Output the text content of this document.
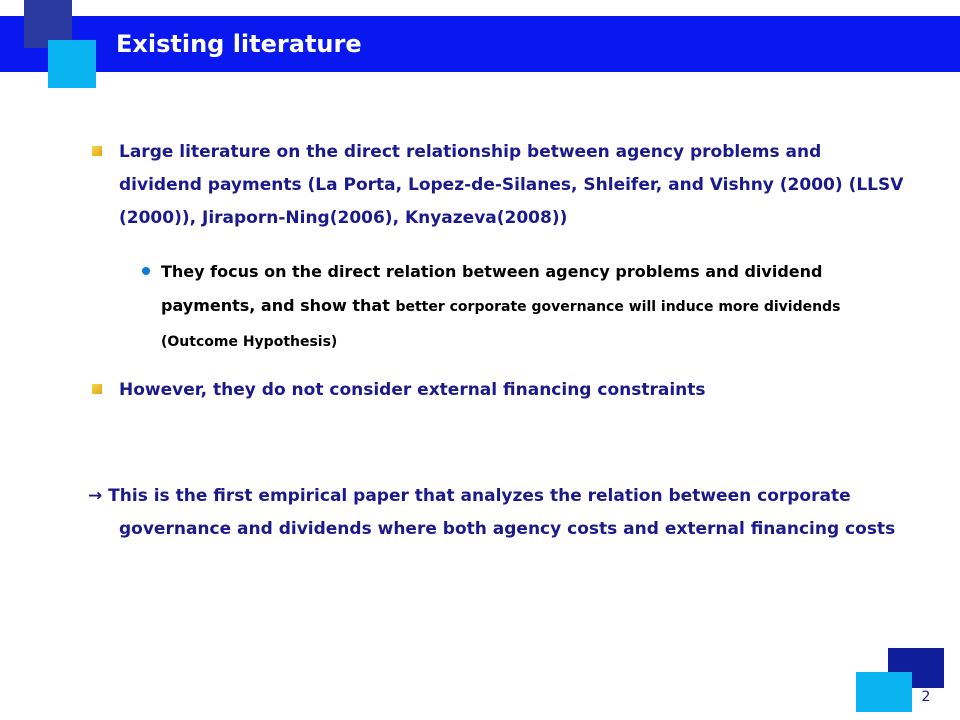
Existing literature

Large literature on the direct relationship between agency problems and dividend payments (La Porta, Lopez-de-Silanes, Shleifer, and Vishny (2000) (LLSV (2000)), Jiraporn-Ning(2006), Knyazeva(2008))

They focus on the direct relation between agency problems and dividend payments, and show that better corporate governance will induce more dividends (Outcome Hypothesis)

However, they do not consider external financing constraints

→ This is the first empirical paper that analyzes the relation between corporate governance and dividends where both agency costs and external financing costs

2
